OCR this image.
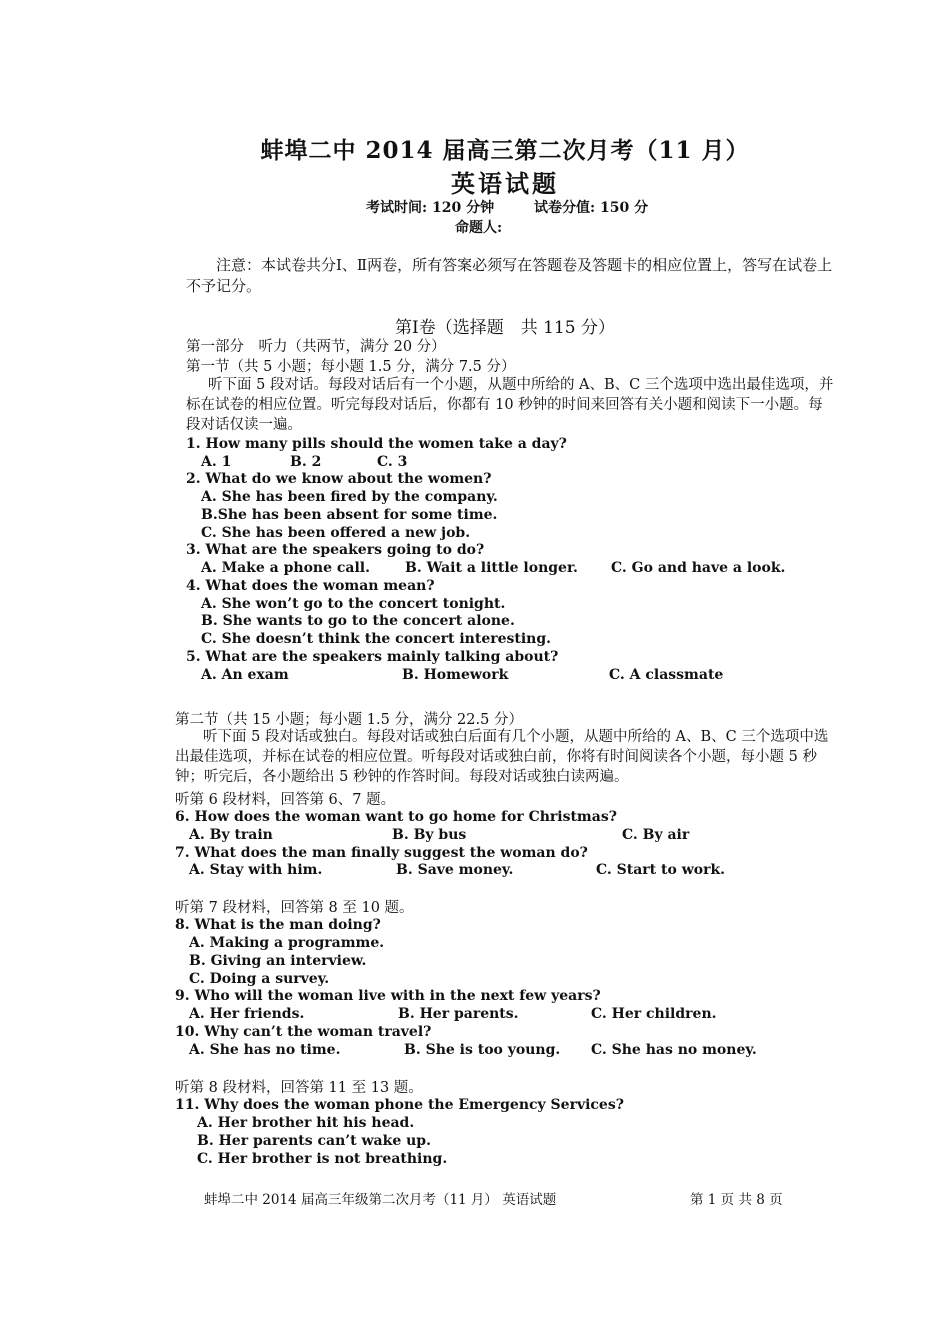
蚌埠二中 2014 届高三第二次月考（11 月）
英语试题
考试时间: 120 分钟	试卷分值: 150 分
命题人:
注意：本试卷共分Ⅰ、Ⅱ两卷，所有答案必须写在答题卷及答题卡的相应位置上，答写在试卷上不予记分。
第Ⅰ卷（选择题　共 115 分）
第一部分　听力（共两节，满分 20 分）
第一节（共 5 小题；每小题 1.5 分，满分 7.5 分）
听下面 5 段对话。每段对话后有一个小题，从题中所给的 A、B、C 三个选项中选出最佳选项，并标在试卷的相应位置。听完每段对话后，你都有 10 秒钟的时间来回答有关小题和阅读下一小题。每段对话仅读一遍。
1. How many pills should the women take a day?
A. 1	B. 2	C. 3
2. What do we know about the women?
A. She has been fired by the company.
B.She has been absent for some time.
C. She has been offered a new job.
3. What are the speakers going to do?
A. Make a phone call.	B. Wait a little longer. C. Go and have a look.
4. What does the woman mean?
A. She won’t go to the concert tonight.
B. She wants to go to the concert alone.
C. She doesn’t think the concert interesting.
5. What are the speakers mainly talking about?
A. An exam	B. Homework	C. A classmate
第二节（共 15 小题；每小题 1.5 分，满分 22.5 分）
听下面 5 段对话或独白。每段对话或独白后面有几个小题，从题中所给的 A、B、C 三个选项中选出最佳选项，并标在试卷的相应位置。听每段对话或独白前，你将有时间阅读各个小题，每小题 5 秒钟；听完后，各小题给出 5 秒钟的作答时间。每段对话或独白读两遍。
听第 6 段材料，回答第 6、7 题。
6. How does the woman want to go home for Christmas?
A. By train	B. By bus	C. By air
7. What does the man finally suggest the woman do?
A. Stay with him.	B. Save money.	C. Start to work.
听第 7 段材料，回答第 8 至 10 题。
8. What is the man doing?
A. Making a programme.
B. Giving an interview.
C. Doing a survey.
9. Who will the woman live with in the next few years?
A. Her friends.	B. Her parents.	C. Her children.
10. Why can’t the woman travel?
A. She has no time.	B. She is too young. C. She has no money.
听第 8 段材料，回答第 11 至 13 题。
11. Why does the woman phone the Emergency Services?
A. Her brother hit his head.
B. Her parents can’t wake up.
C. Her brother is not breathing.
蚌埠二中 2014 届高三年级第二次月考（11 月） 英语试题	第 1 页 共 8 页
